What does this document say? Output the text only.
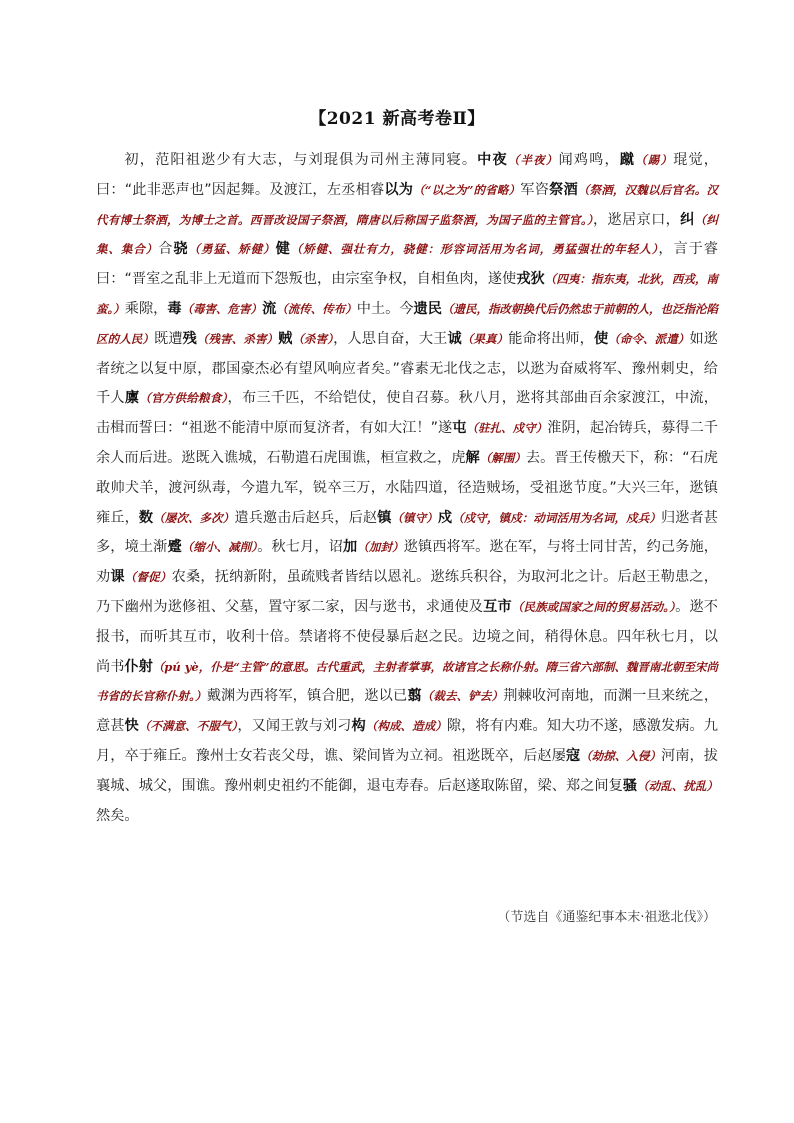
【2021 新高考卷Ⅱ】

初，范阳祖逖少有大志，与刘琨俱为司州主薄同寝。中夜（半夜）闻鸡鸣，蹴（踢）琨觉，曰：“此非恶声也”因起舞。及渡江，左丞相睿以为（“以之为”的省略）军咨祭酒（祭酒，汉魏以后官名。汉代有博士祭酒，为博士之首。西晋改设国子祭酒，隋唐以后称国子监祭酒，为国子监的主管官。），逖居京口，纠（纠集、集合）合骁（勇猛、矫健）健（矫健、强壮有力，骁健：形容词活用为名词，勇猛强壮的年轻人），言于睿曰：“晋室之乱非上无道而下怨叛也，由宗室争权，自相鱼肉，遂使戎狄（四夷：指东夷，北狄，西戎，南蛮。）乘隙，毒（毒害、危害）流（流传、传布）中土。今遗民（遗民，指改朝换代后仍然忠于前朝的人，也泛指沦陷区的人民）既遭残（残害、杀害）贼（杀害），人思自奋，大王诚（果真）能命将出师，使（命令、派遣）如逖者统之以复中原，郡国豪杰必有望风响应者矣。”睿素无北伐之志，以逖为奋威将军、豫州刺史，给千人廪（官方供给粮食），布三千匹，不给铠仗，使自召募。秋八月，逖将其部曲百余家渡江，中流，击楫而誓曰：“祖逖不能清中原而复济者，有如大江！”遂屯（驻扎、戍守）淮阴，起冶铸兵，募得二千余人而后进。逖既入谯城，石勒遣石虎围谯，桓宣救之，虎解（解围）去。晋王传檄天下，称：“石虎敢帅犬羊，渡河纵毒，今遣九军，锐卒三万，水陆四道，径造贼场，受祖逖节度。”大兴三年，逖镇雍丘，数（屡次、多次）遣兵邀击后赵兵，后赵镇（镇守）戍（戍守，镇戍：动词活用为名词，戍兵）归逖者甚多，境土渐蹙（缩小、减削）。秋七月，诏加（加封）逖镇西将军。逖在军，与将士同甘苦，约己务施，劝课（督促）农桑，抚纳新附，虽疏贱者皆结以恩礼。逖练兵积谷，为取河北之计。后赵王勒患之，乃下幽州为逖修祖、父墓，置守冢二家，因与逖书，求通使及互市（民族或国家之间的贸易活动。）。逖不报书，而听其互市，收利十倍。禁诸将不使侵暴后赵之民。边境之间，稍得休息。四年秋七月，以尚书仆射（pú yè，仆是“主管”的意思。古代重武，主射者掌事，故诸官之长称仆射。隋三省六部制、魏晋南北朝至宋尚书省的长官称仆射。）戴渊为西将军，镇合肥，逖以已翦（裁去、铲去）荆棘收河南地，而渊一旦来统之，意甚快（不满意、不服气），又闻王敦与刘刁构（构成、造成）隙，将有内难。知大功不遂，感激发病。九月，卒于雍丘。豫州士女若丧父母，谯、梁间皆为立祠。祖逖既卒，后赵屡寇（劫掠、入侵）河南，拔襄城、城父，围谯。豫州刺史祖约不能御，退屯寿春。后赵遂取陈留，梁、郑之间复骚（动乱、扰乱）然矣。

（节选自《通鉴纪事本末·祖逖北伐》）
